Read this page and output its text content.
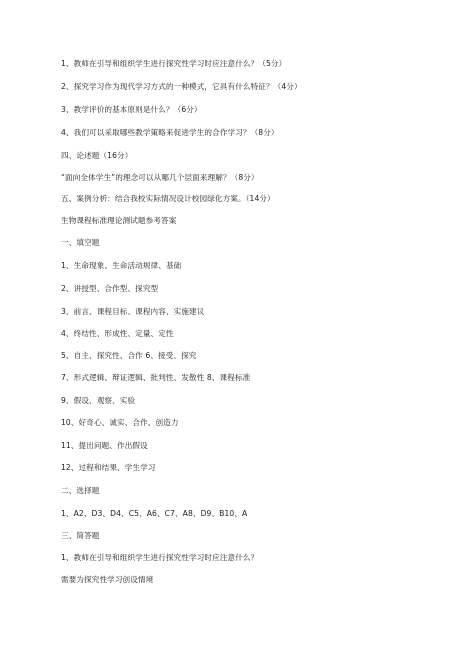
1、教师在引导和组织学生进行探究性学习时应注意什么？（5分）
2、探究学习作为现代学习方式的一种模式，它具有什么特征？（4分）
3、教学评价的基本原则是什么？（6分）
4、我们可以采取哪些教学策略来促进学生的合作学习？（8分）
四、论述题（16分）
“面向全体学生”的理念可以从哪几个层面来理解？（8分）
五、案例分析：结合我校实际情况设计校园绿化方案。（14分）
生物课程标准理论测试题参考答案
一、填空题
1、生命现象、生命活动规律、基础
2、讲授型、合作型、探究型
3、前言、课程目标、课程内容、实施建议
4、终结性、形成性、定量、定性
5、自主、探究性、合作 6、接受、探究
7、形式逻辑、辩证逻辑、批判性、发散性 8、课程标准
9、假设、观察、实验
10、好奇心、诚实、合作、创造力
11、提出问题、作出假设
12、过程和结果、学生学习
二、选择题
1、A2、D3、D4、C5、A6、C7、A8、D9、B10、A
三、简答题
1、教师在引导和组织学生进行探究性学习时应注意什么？
需要为探究性学习创设情境
